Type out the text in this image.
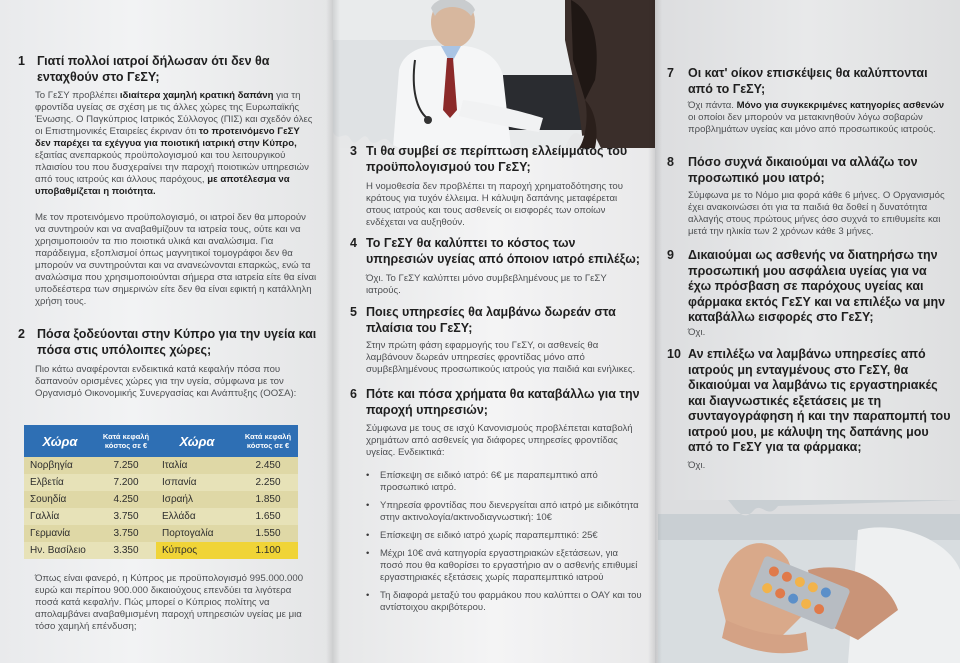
1 Γιατί πολλοί ιατροί δήλωσαν ότι δεν θα ενταχθούν στο ΓεΣΥ;
Το ΓεΣΥ προβλέπει ιδιαίτερα χαμηλή κρατική δαπάνη για τη φροντίδα υγείας σε σχέση με τις άλλες χώρες της Ευρωπαϊκής Ένωσης. Ο Παγκύπριος Ιατρικός Σύλλογος (ΠΙΣ) και σχεδόν όλες οι Επιστημονικές Εταιρείες έκριναν ότι το προτεινόμενο ΓεΣΥ δεν παρέχει τα εχέγγυα για ποιοτική ιατρική στην Κύπρο, εξαιτίας ανεπαρκούς προϋπολογισμού και του λειτουργικού πλαισίου του που δυσχεραίνει την παροχή ποιοτικών υπηρεσιών από τους ιατρούς και άλλους παρόχους, με αποτέλεσμα να υποβαθμίζεται η ποιότητα.
Με τον προτεινόμενο προϋπολογισμό, οι ιατροί δεν θα μπορούν να συντηρούν και να αναβαθμίζουν τα ιατρεία τους, ούτε και να χρησιμοποιούν τα πιο ποιοτικά υλικά και αναλώσιμα. Για παράδειγμα, εξοπλισμοί όπως μαγνητικοί τομογράφοι δεν θα μπορούν να συντηρούνται και να ανανεώνονται επαρκώς, ενώ τα αναλώσιμα που χρησιμοποιούνται σήμερα στα ιατρεία είτε θα είναι υποδεέστερα των σημερινών είτε δεν θα είναι εφικτή η κατάλληλη χρήση τους.
2 Πόσα ξοδεύονται στην Κύπρο για την υγεία και πόσα στις υπόλοιπες χώρες;
Πιο κάτω αναφέρονται ενδεικτικά κατά κεφαλήν πόσα που δαπανούν ορισμένες χώρες για την υγεία, σύμφωνα με τον Οργανισμό Οικονομικής Συνεργασίας και Ανάπτυξης (ΟΟΣΑ):
Χώρα	Κατά κεφαλή κόστος σε €	Χώρα	Κατά κεφαλή κόστος σε €
Νορβηγία	7.250	Ιταλία	2.450
Ελβετία	7.200	Ισπανία	2.250
Σουηδία	4.250	Ισραήλ	1.850
Γαλλία	3.750	Ελλάδα	1.650
Γερμανία	3.750	Πορτογαλία	1.550
Ην. Βασίλειο	3.350	Κύπρος	1.100
Όπως είναι φανερό, η Κύπρος με προϋπολογισμό 995.000.000 ευρώ και περίπου 900.000 δικαιούχους επενδύει τα λιγότερα ποσά κατά κεφαλήν. Πώς μπορεί ο Κύπριος πολίτης να απολαμβάνει αναβαθμισμένη παροχή υπηρεσιών υγείας με μια τόσο χαμηλή επένδυση;
3 Τι θα συμβεί σε περίπτωση ελλείμματος του προϋπολογισμού του ΓεΣΥ;
Η νομοθεσία δεν προβλέπει τη παροχή χρηματοδότησης του κράτους για τυχόν έλλειμα. Η κάλυψη δαπάνης μεταφέρεται στους ιατρούς και τους ασθενείς οι εισφορές των οποίων ενδέχεται να αυξηθούν.
4 Το ΓεΣΥ θα καλύπτει το κόστος των υπηρεσιών υγείας από όποιον ιατρό επιλέξω;
Όχι. Το ΓεΣΥ καλύπτει μόνο συμβεβλημένους με το ΓεΣΥ ιατρούς.
5 Ποιες υπηρεσίες θα λαμβάνω δωρεάν στα πλαίσια του ΓεΣΥ;
Στην πρώτη φάση εφαρμογής του ΓεΣΥ, οι ασθενείς θα λαμβάνουν δωρεάν υπηρεσίες φροντίδας μόνο από συμβεβλημένους προσωπικούς ιατρούς για παιδιά και ενήλικες.
6 Πότε και πόσα χρήματα θα καταβάλλω για την παροχή υπηρεσιών;
Σύμφωνα με τους σε ισχύ Κανονισμούς προβλέπεται καταβολή χρημάτων από ασθενείς για διάφορες υπηρεσίες φροντίδας υγείας. Ενδεικτικά:
• Επίσκεψη σε ειδικό ιατρό: 6€ με παραπεμπτικό από προσωπικό ιατρό.
• Υπηρεσία φροντίδας που διενεργείται από ιατρό με ειδικότητα στην ακτινολογία/ακτινοδιαγνωστική: 10€
• Επίσκεψη σε ειδικό ιατρό χωρίς παραπεμπτικό: 25€
• Μέχρι 10€ ανά κατηγορία εργαστηριακών εξετάσεων, για ποσό που θα καθορίσει το εργαστήριο αν ο ασθενής επιθυμεί εργαστηριακές εξετάσεις χωρίς παραπεμπτικό ιατρού
• Τη διαφορά μεταξύ του φαρμάκου που καλύπτει ο ΟΑΥ και του αντίστοιχου ακριβότερου.
7	Οι κατ' οίκον επισκέψεις θα καλύπτονται από το ΓεΣΥ;
Όχι πάντα. Μόνο για συγκεκριμένες κατηγορίες ασθενών οι οποίοι δεν μπορούν να μετακινηθούν λόγω σοβαρών προβλημάτων υγείας και μόνο από προσωπικούς ιατρούς.
8	Πόσο συχνά δικαιούμαι να αλλάζω τον προσωπικό μου ιατρό;
Σύμφωνα με το Νόμο μια φορά κάθε 6 μήνες. Ο Οργανισμός έχει ανακοινώσει ότι για τα παιδιά θα δοθεί η δυνατότητα αλλαγής στους πρώτους μήνες όσο συχνά το επιθυμείτε και μετά την ηλικία των 2 χρόνων κάθε 3 μήνες.
9	Δικαιούμαι ως ασθενής να διατηρήσω την προσωπική μου ασφάλεια υγείας για να έχω πρόσβαση σε παρόχους υγείας και φάρμακα εκτός ΓεΣΥ και να επιλέξω να μην καταβάλλω εισφορές στο ΓεΣΥ;
Όχι.
10 Αν επιλέξω να λαμβάνω υπηρεσίες από ιατρούς μη ενταγμένους στο ΓεΣΥ, θα δικαιούμαι να λαμβάνω τις εργαστηριακές και διαγνωστικές εξετάσεις με τη συνταγογράφηση ή και την παραπομπή του ιατρού μου, με κάλυψη της δαπάνης μου από το ΓεΣΥ για τα φάρμακα;
Όχι.
